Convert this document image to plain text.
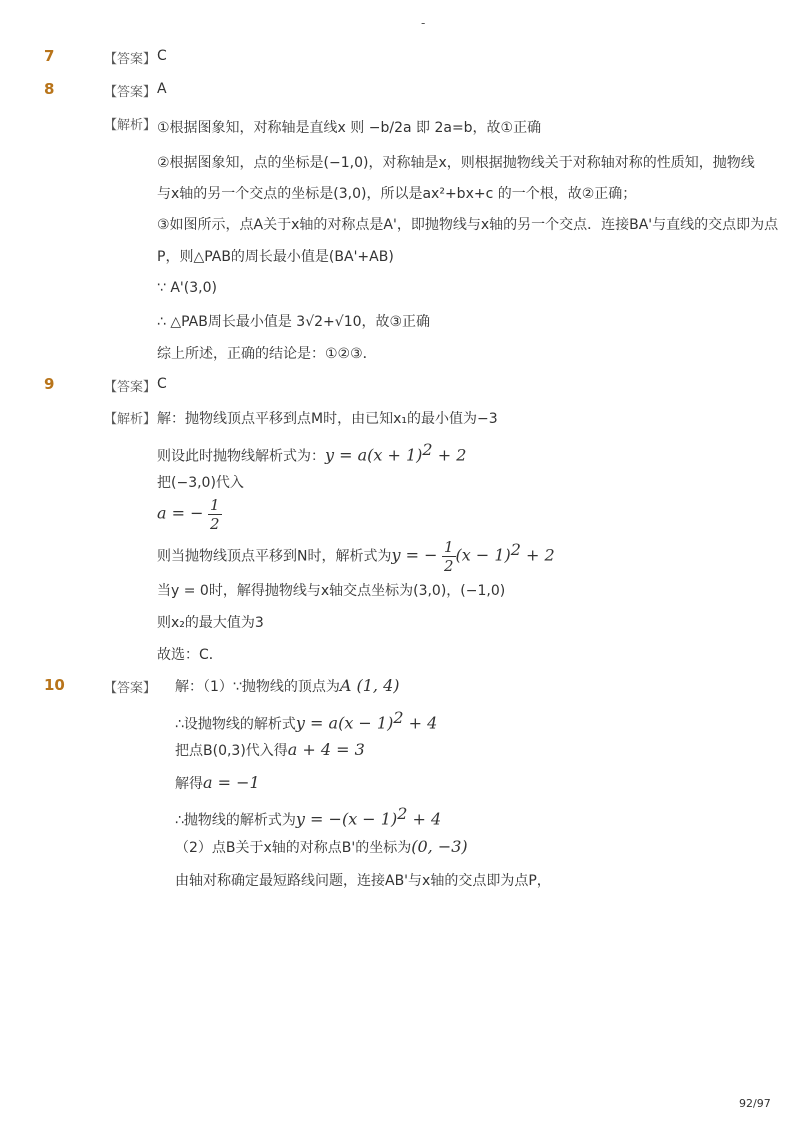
-
7	【答案】 C
8	【答案】 A
【解析】 ①根据图象知，对称轴是直线x 则 −b/2a 即 2a=b，故①正确
②根据图象知，点的坐标是(−1,0)，对称轴是x，则根据抛物线关于对称轴对称的性质知，抛物线
与x轴的另一个交点的坐标是(3,0)，所以是ax²+bx+c 的一个根，故②正确；
③如图所示，点A关于x轴的对称点是A'，即抛物线与x轴的另一个交点．连接BA'与直线的交点即为点
P，则△PAB的周长最小值是(BA'+AB)
∵ A'(3,0)
∴ △PAB周长最小值是 3√2+√10，故③正确
综上所述，正确的结论是：①②③．
9	【答案】 C
【解析】 解：抛物线顶点平移到点M时，由已知x₁的最小值为−3
则设此时抛物线解析式为：$y = a(x + 1)^2 + 2$
把(−3,0)代入
a = − $\frac{1}{2}$
则当抛物线顶点平移到N时，解析式为y = − $\frac{1}{2} (x - 1)^2 + 2$
当y = 0时，解得抛物线与x轴交点坐标为(3,0)，(−1,0)
则x₂的最大值为3
故选：C．
10	【答案】 解：（1）∵抛物线的顶点为A (1, 4)
∴设抛物线的解析式$y = a(x - 1)^2 + 4$
把点B(0,3)代入得a + 4 = 3
解得a = −1
∴抛物线的解析式为$y = -(x - 1)^2 + 4$
（2）点B关于x轴的对称点B'的坐标为(0, −3)
由轴对称确定最短路线问题，连接AB'与x轴的交点即为点P，
92/97
